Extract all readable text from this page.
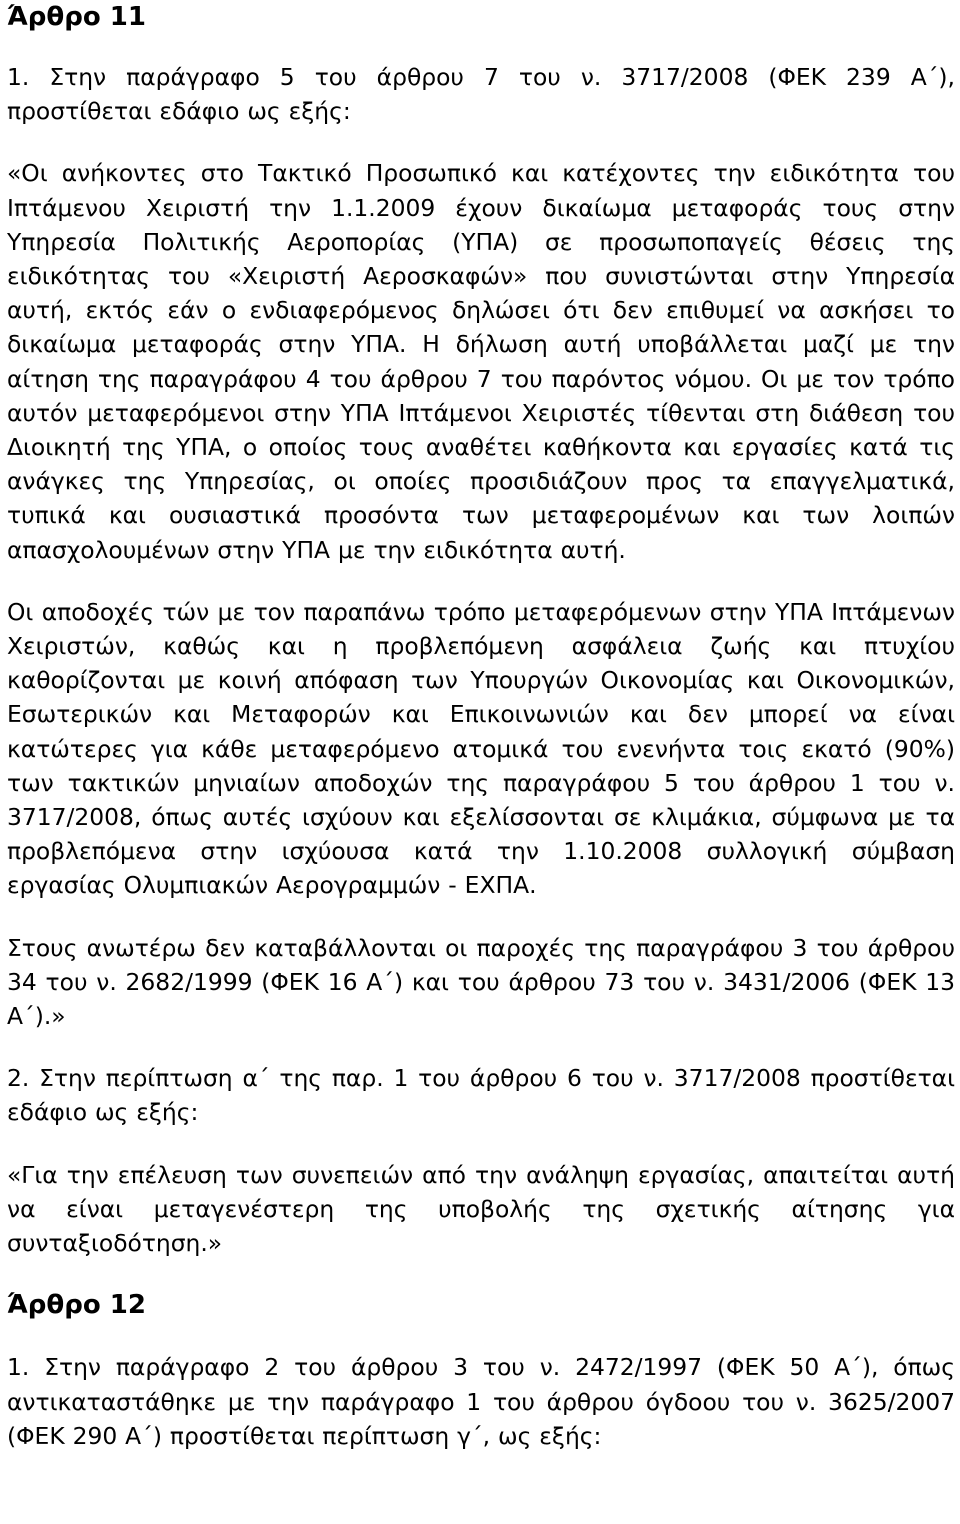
Άρθρο 11

1. Στην παράγραφο 5 του άρθρου 7 του ν. 3717/2008 (ΦΕΚ 239 Α΄), προστίθεται εδάφιο ως εξής:

«Οι ανήκοντες στο Τακτικό Προσωπικό και κατέχοντες την ειδικότητα του Ιπτάμενου Χειριστή την 1.1.2009 έχουν δικαίωμα μεταφοράς τους στην Υπηρεσία Πολιτικής Αεροπορίας (ΥΠΑ) σε προσωποπαγείς θέσεις της ειδικότητας του «Χειριστή Αεροσκαφών» που συνιστώνται στην Υπηρεσία αυτή, εκτός εάν ο ενδιαφερόμενος δηλώσει ότι δεν επιθυμεί να ασκήσει το δικαίωμα μεταφοράς στην ΥΠΑ. Η δήλωση αυτή υποβάλλεται μαζί με την αίτηση της παραγράφου 4 του άρθρου 7 του παρόντος νόμου. Οι με τον τρόπο αυτόν μεταφερόμενοι στην ΥΠΑ Ιπτάμενοι Χειριστές τίθενται στη διάθεση του Διοικητή της ΥΠΑ, ο οποίος τους αναθέτει καθήκοντα και εργασίες κατά τις ανάγκες της Υπηρεσίας, οι οποίες προσιδιάζουν προς τα επαγγελματικά, τυπικά και ουσιαστικά προσόντα των μεταφερομένων και των λοιπών απασχολουμένων στην ΥΠΑ με την ειδικότητα αυτή.

Οι αποδοχές τών με τον παραπάνω τρόπο μεταφερόμενων στην ΥΠΑ Ιπτάμενων Χειριστών, καθώς και η προβλεπόμενη ασφάλεια ζωής και πτυχίου καθορίζονται με κοινή απόφαση των Υπουργών Οικονομίας και Οικονομικών, Εσωτερικών και Μεταφορών και Επικοινωνιών και δεν μπορεί να είναι κατώτερες για κάθε μεταφερόμενο ατομικά του ενενήντα τοις εκατό (90%) των τακτικών μηνιαίων αποδοχών της παραγράφου 5 του άρθρου 1 του ν. 3717/2008, όπως αυτές ισχύουν και εξελίσσονται σε κλιμάκια, σύμφωνα με τα προβλεπόμενα στην ισχύουσα κατά την 1.10.2008 συλλογική σύμβαση εργασίας Ολυμπιακών Αερογραμμών - ΕΧΠΑ.

Στους ανωτέρω δεν καταβάλλονται οι παροχές της παραγράφου 3 του άρθρου 34 του ν. 2682/1999 (ΦΕΚ 16 Α΄) και του άρθρου 73 του ν. 3431/2006 (ΦΕΚ 13 Α΄).»

2. Στην περίπτωση α΄ της παρ. 1 του άρθρου 6 του ν. 3717/2008 προστίθεται εδάφιο ως εξής:

«Για την επέλευση των συνεπειών από την ανάληψη εργασίας, απαιτείται αυτή να είναι μεταγενέστερη της υποβολής της σχετικής αίτησης για συνταξιοδότηση.»

Άρθρο 12

1. Στην παράγραφο 2 του άρθρου 3 του ν. 2472/1997 (ΦΕΚ 50 Α΄), όπως αντικαταστάθηκε με την παράγραφο 1 του άρθρου όγδοου του ν. 3625/2007 (ΦΕΚ 290 Α΄) προστίθεται περίπτωση γ΄, ως εξής:
